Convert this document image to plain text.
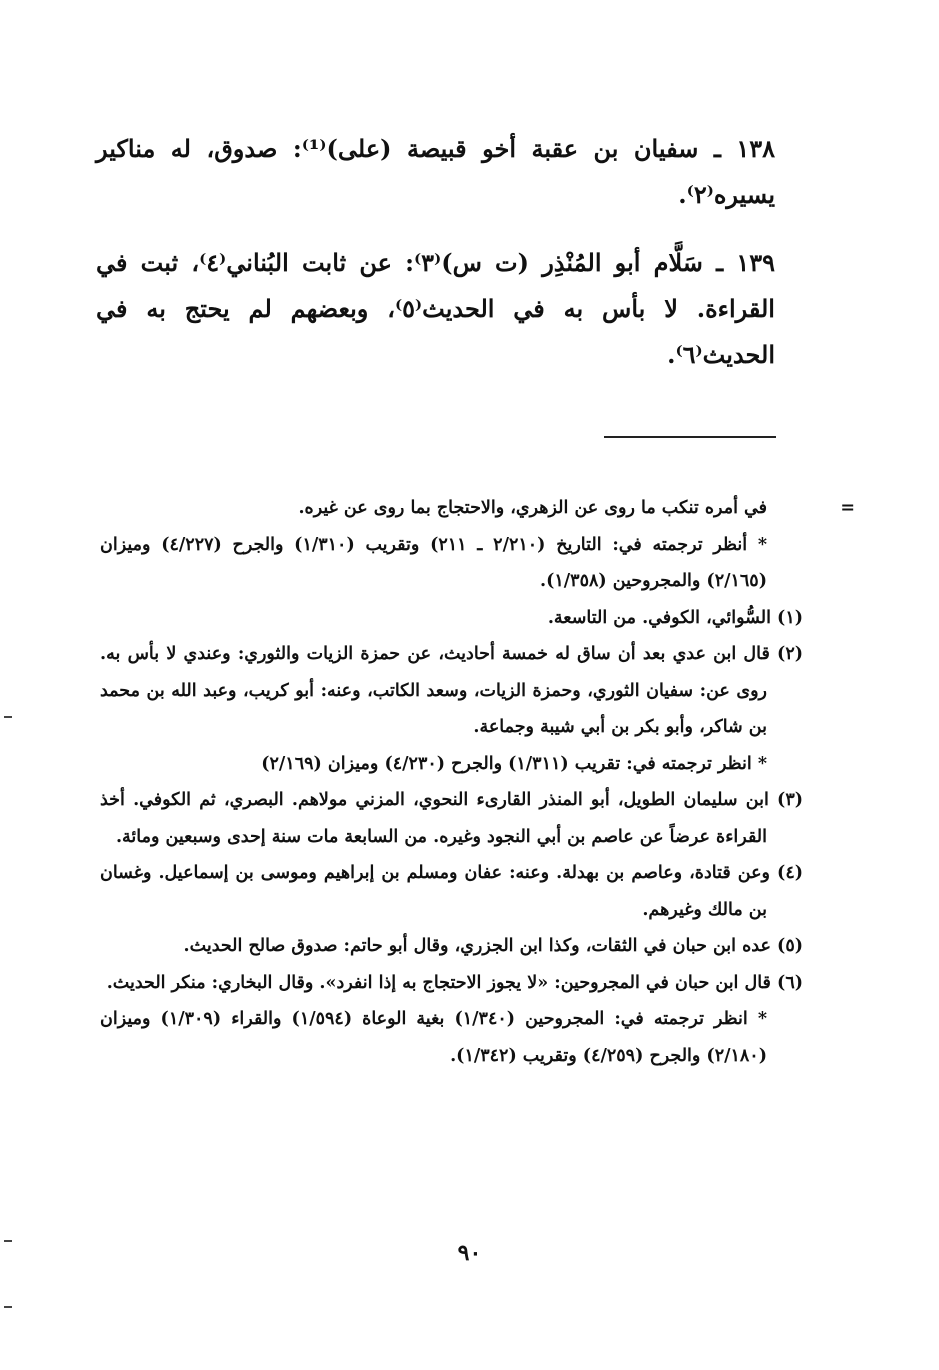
١٣٨ ـ سفيان بن عقبة أخو قبيصة (على)⁽¹⁾: صدوق، له مناكير يسيره⁽٢⁾.

١٣٩ ـ سَلَّام أبو المُنْذِر (ت س)⁽٣⁾: عن ثابت البُناني⁽٤⁾، ثبت في القراءة. لا بأس به في الحديث⁽٥⁾، وبعضهم لم يحتج به في الحديث⁽٦⁾.

=
في أمره تنكب ما روى عن الزهري، والاحتجاج بما روى عن غيره.

* أنظر ترجمته في: التاريخ (٢/٢١٠ ـ ٢١١) وتقريب (١/٣١٠) والجرح (٤/٢٢٧) وميزان (٢/١٦٥) والمجروحين (١/٣٥٨).

(١) السُّوائي، الكوفي. من التاسعة.

(٢) قال ابن عدي بعد أن ساق له خمسة أحاديث، عن حمزة الزيات والثوري: وعندي لا بأس به. روى عن: سفيان الثوري، وحمزة الزيات، وسعد الكاتب، وعنه: أبو كريب، وعبد الله بن محمد بن شاكر، وأبو بكر بن أبي شيبة وجماعة.

* انظر ترجمته في: تقريب (١/٣١١) والجرح (٤/٢٣٠) وميزان (٢/١٦٩)

(٣) ابن سليمان الطويل، أبو المنذر القارىء النحوي، المزني مولاهم. البصري، ثم الكوفي. أخذ القراءة عرضاً عن عاصم بن أبي النجود وغيره. من السابعة مات سنة إحدى وسبعين ومائة.

(٤) وعن قتادة، وعاصم بن بهدلة. وعنه: عفان ومسلم بن إبراهيم وموسى بن إسماعيل. وغسان بن مالك وغيرهم.

(٥) عده ابن حبان في الثقات، وكذا ابن الجزري، وقال أبو حاتم: صدوق صالح الحديث.

(٦) قال ابن حبان في المجروحين: «لا يجوز الاحتجاج به إذا انفرد». وقال البخاري: منكر الحديث.

* انظر ترجمته في: المجروحين (١/٣٤٠) بغية الوعاة (١/٥٩٤) والقراء (١/٣٠٩) وميزان (٢/١٨٠) والجرح (٤/٢٥٩) وتقريب (١/٣٤٢).

٩٠
